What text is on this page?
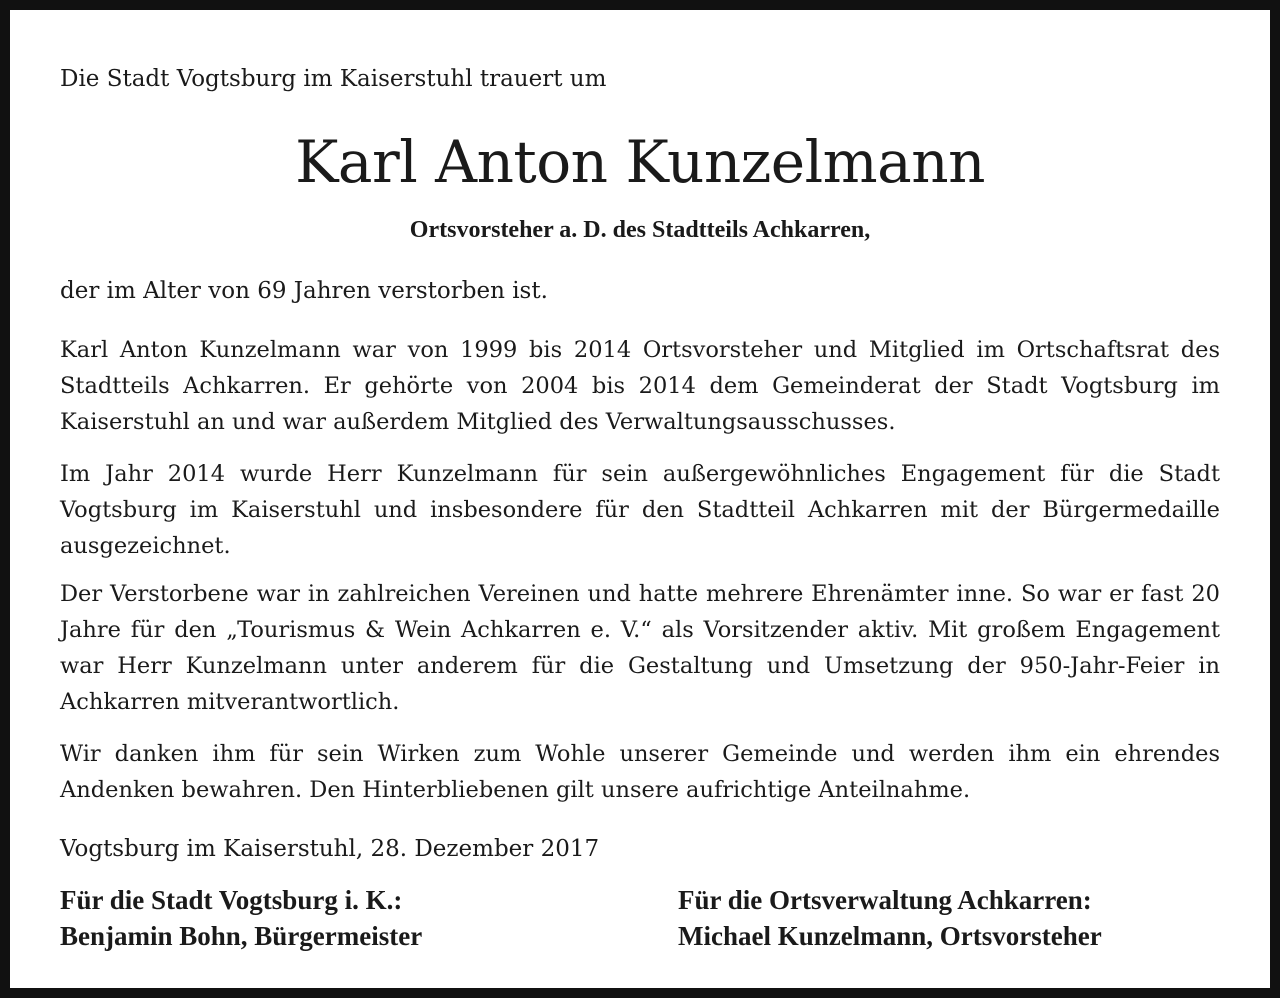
Die Stadt Vogtsburg im Kaiserstuhl trauert um
Karl Anton Kunzelmann
Ortsvorsteher a. D. des Stadtteils Achkarren,
der im Alter von 69 Jahren verstorben ist.

Karl Anton Kunzelmann war von 1999 bis 2014 Ortsvorsteher und Mitglied im Ortschaftsrat des Stadtteils Achkarren. Er gehörte von 2004 bis 2014 dem Gemeinderat der Stadt Vogtsburg im Kaiserstuhl an und war außerdem Mitglied des Verwaltungsausschusses.

Im Jahr 2014 wurde Herr Kunzelmann für sein außergewöhnliches Engagement für die Stadt Vogtsburg im Kaiserstuhl und insbesondere für den Stadtteil Achkarren mit der Bürgermedaille ausgezeichnet.

Der Verstorbene war in zahlreichen Vereinen und hatte mehrere Ehrenämter inne. So war er fast 20 Jahre für den „Tourismus & Wein Achkarren e. V.“ als Vorsitzender aktiv. Mit großem Engagement war Herr Kunzelmann unter anderem für die Gestaltung und Umsetzung der 950-Jahr-Feier in Achkarren mitverantwortlich.

Wir danken ihm für sein Wirken zum Wohle unserer Gemeinde und werden ihm ein ehrendes Andenken bewahren. Den Hinterbliebenen gilt unsere aufrichtige Anteilnahme.

Vogtsburg im Kaiserstuhl, 28. Dezember 2017
Für die Stadt Vogtsburg i. K.:
Benjamin Bohn, Bürgermeister
Für die Ortsverwaltung Achkarren:
Michael Kunzelmann, Ortsvorsteher
